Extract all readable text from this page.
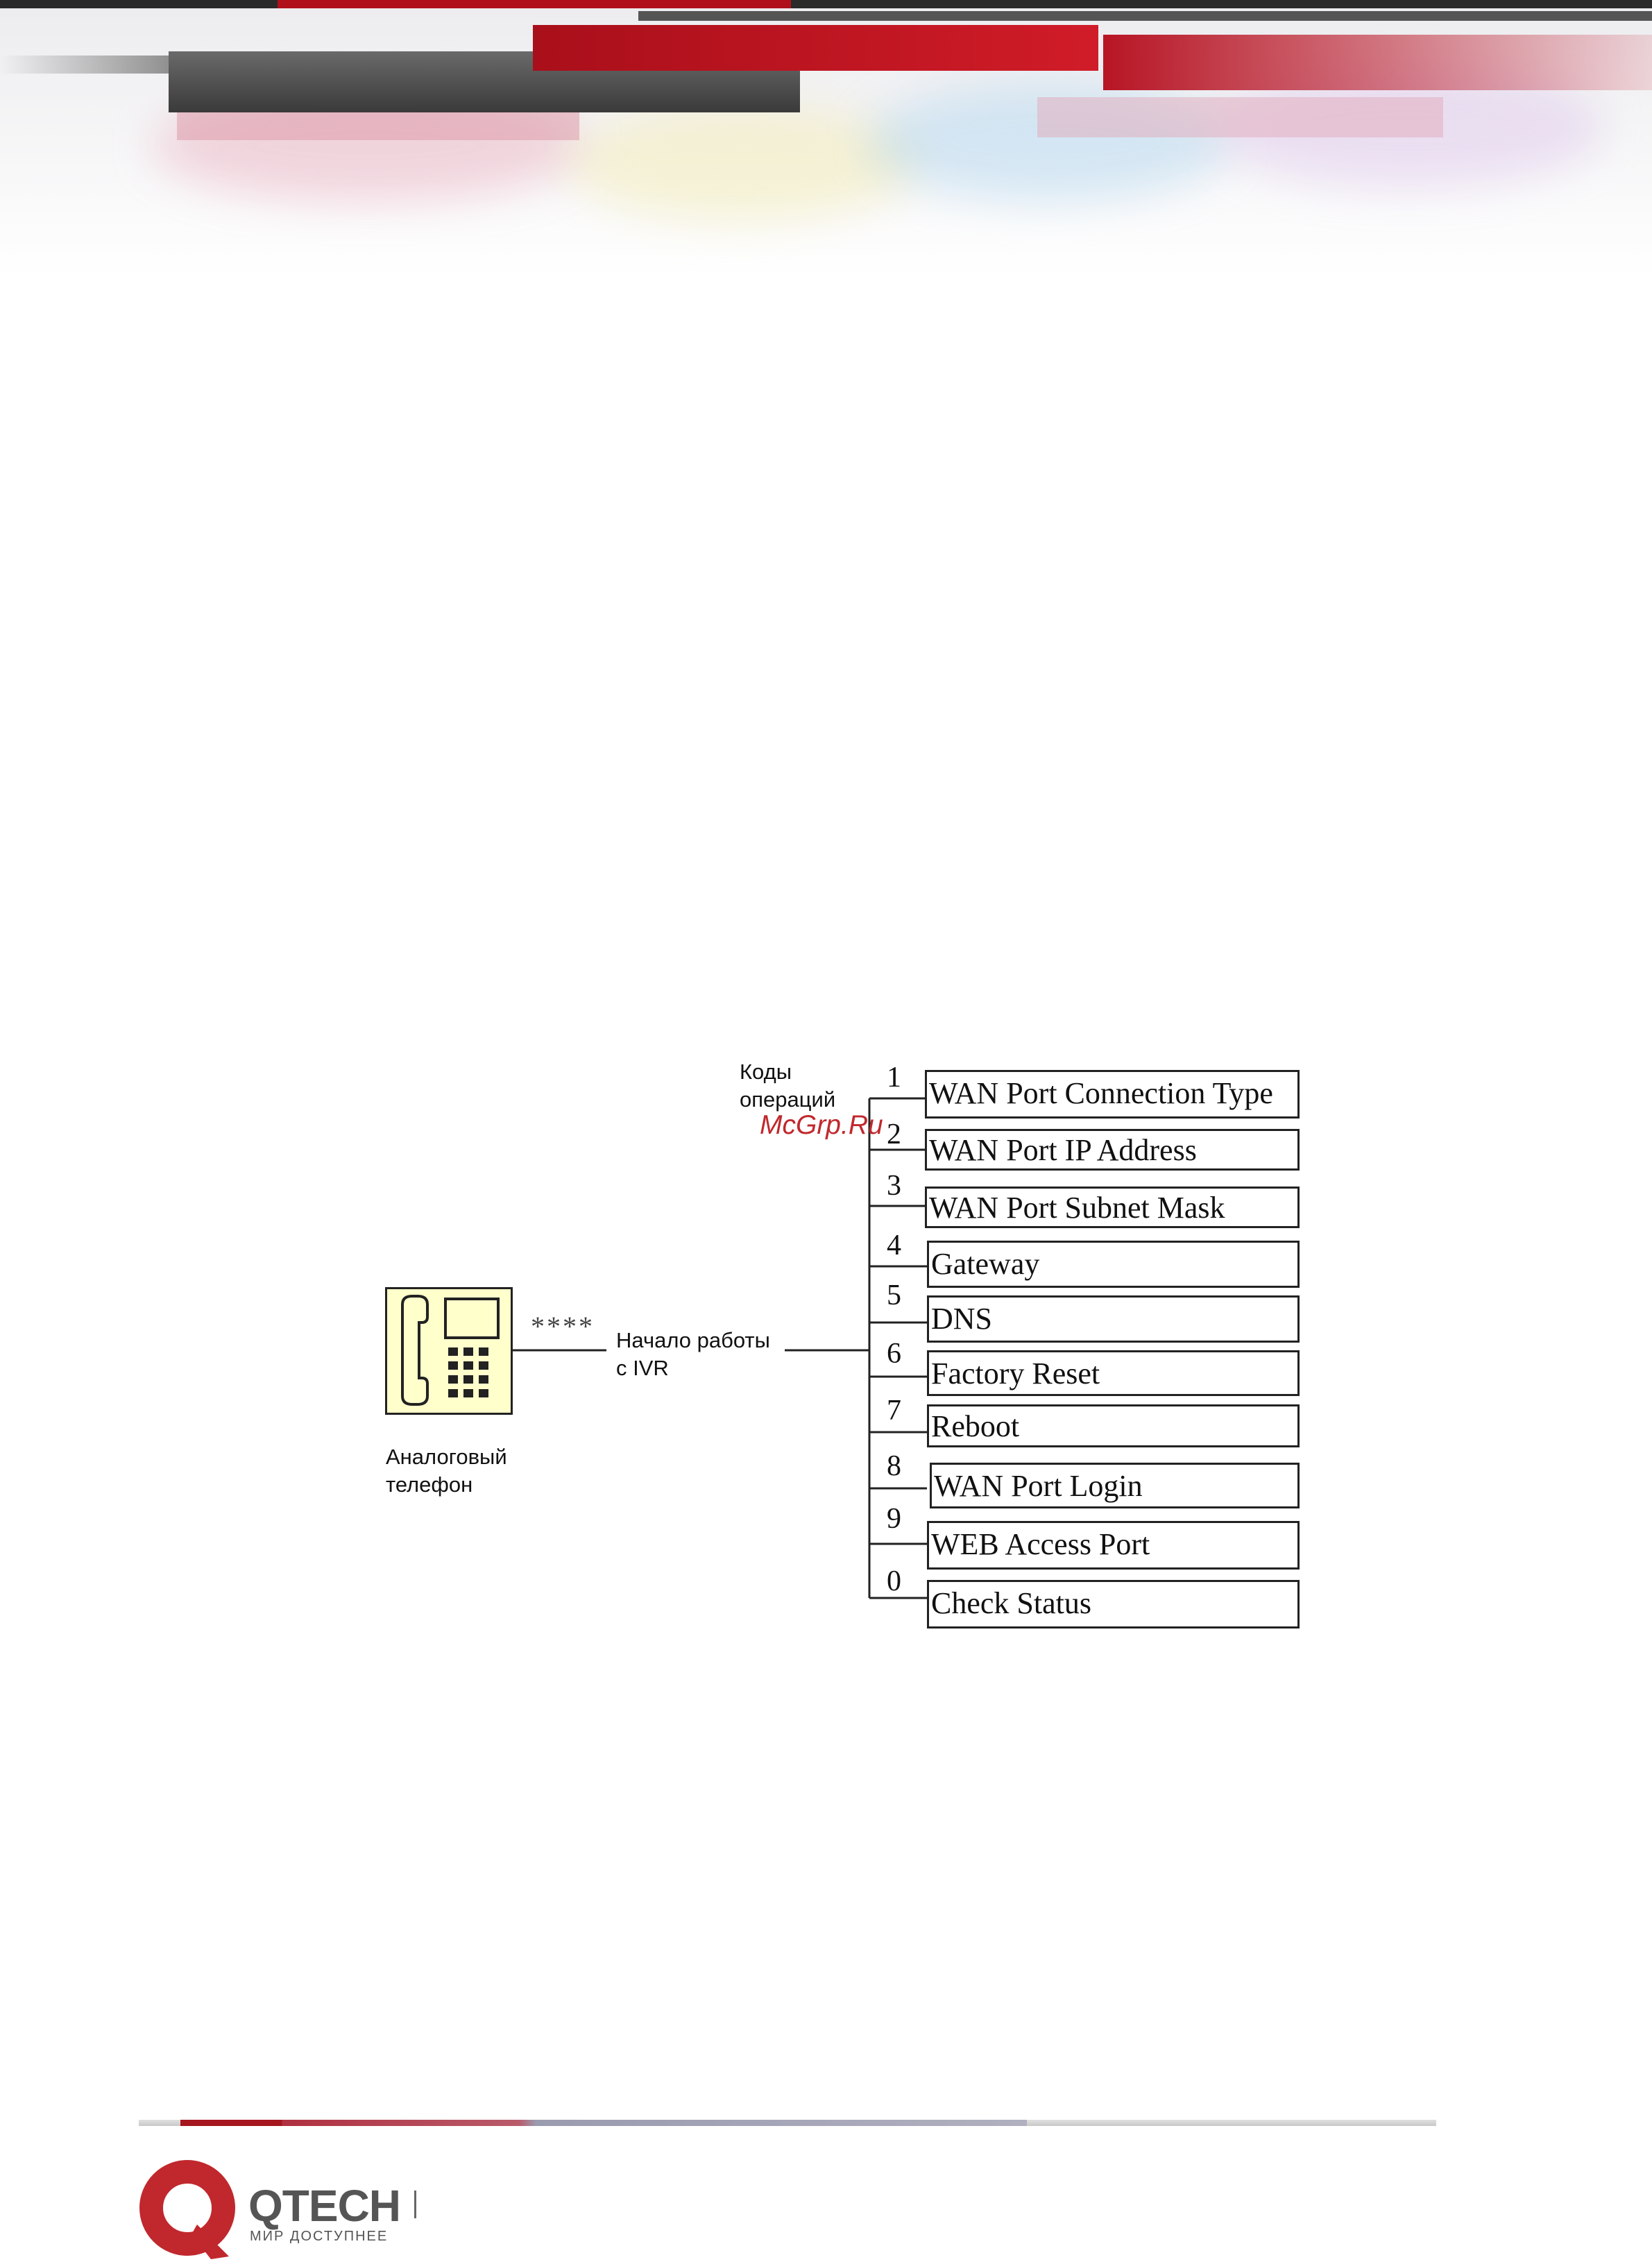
Аналоговый
телефон
**** Начало работы
с IVR
Коды
операций
1
2
3
4
5
6
7
8
9
0
WAN Port Connection Type
WAN Port IP Address
WAN Port Subnet Mask
Gateway
DNS
Factory Reset
Reboot
WAN Port Login
WEB Access Port
Check Status
McGrp.Ru
QTECH
МИР ДОСТУПНЕЕ
